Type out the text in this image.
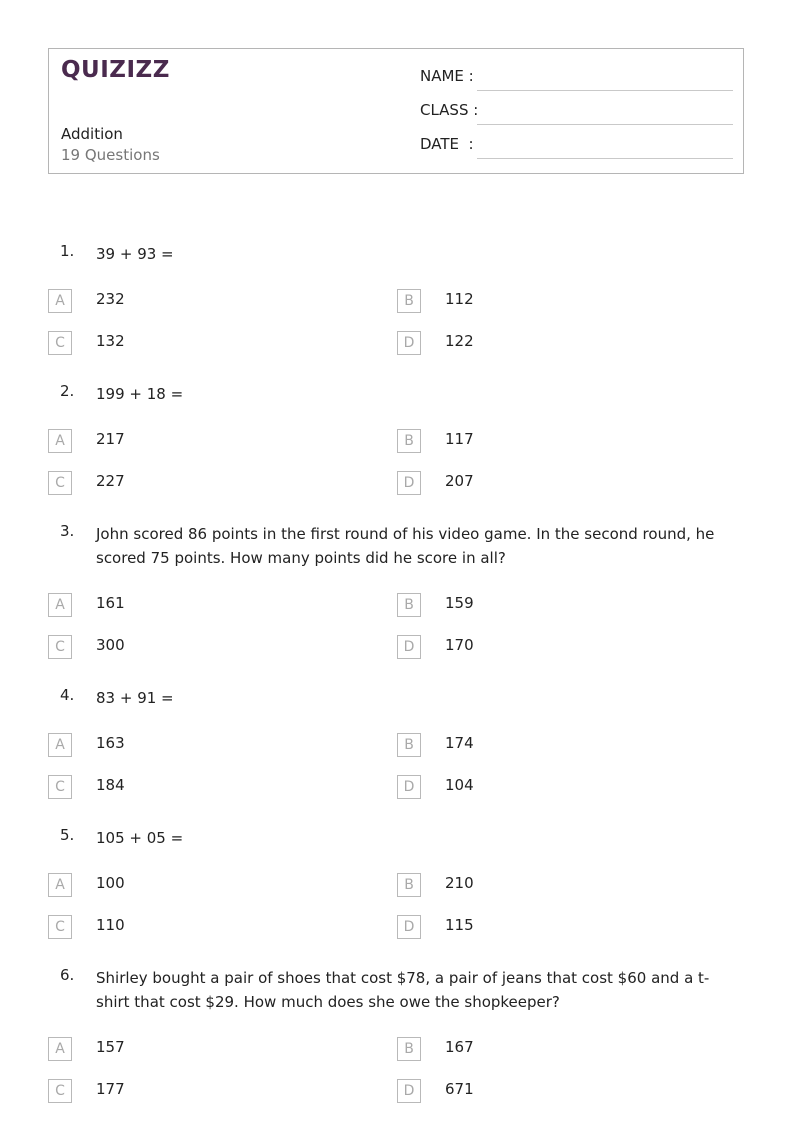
QUIZIZZ
Addition
19 Questions
NAME :
CLASS :
DATE  :
1. 39 + 93 =
A	232	B	112
C	132	D	122
2. 199 + 18 =
A	217	B	117
C	227	D	207
3. John scored 86 points in the first round of his video game. In the second round, he scored 75 points. How many points did he score in all?
A	161	B	159
C	300	D	170
4. 83 + 91 =
A	163	B	174
C	184	D	104
5. 105 + 05 =
A	100	B	210
C	110	D	115
6. Shirley bought a pair of shoes that cost $78, a pair of jeans that cost $60 and a t-shirt that cost $29. How much does she owe the shopkeeper?
A	157	B	167
C	177	D	671
